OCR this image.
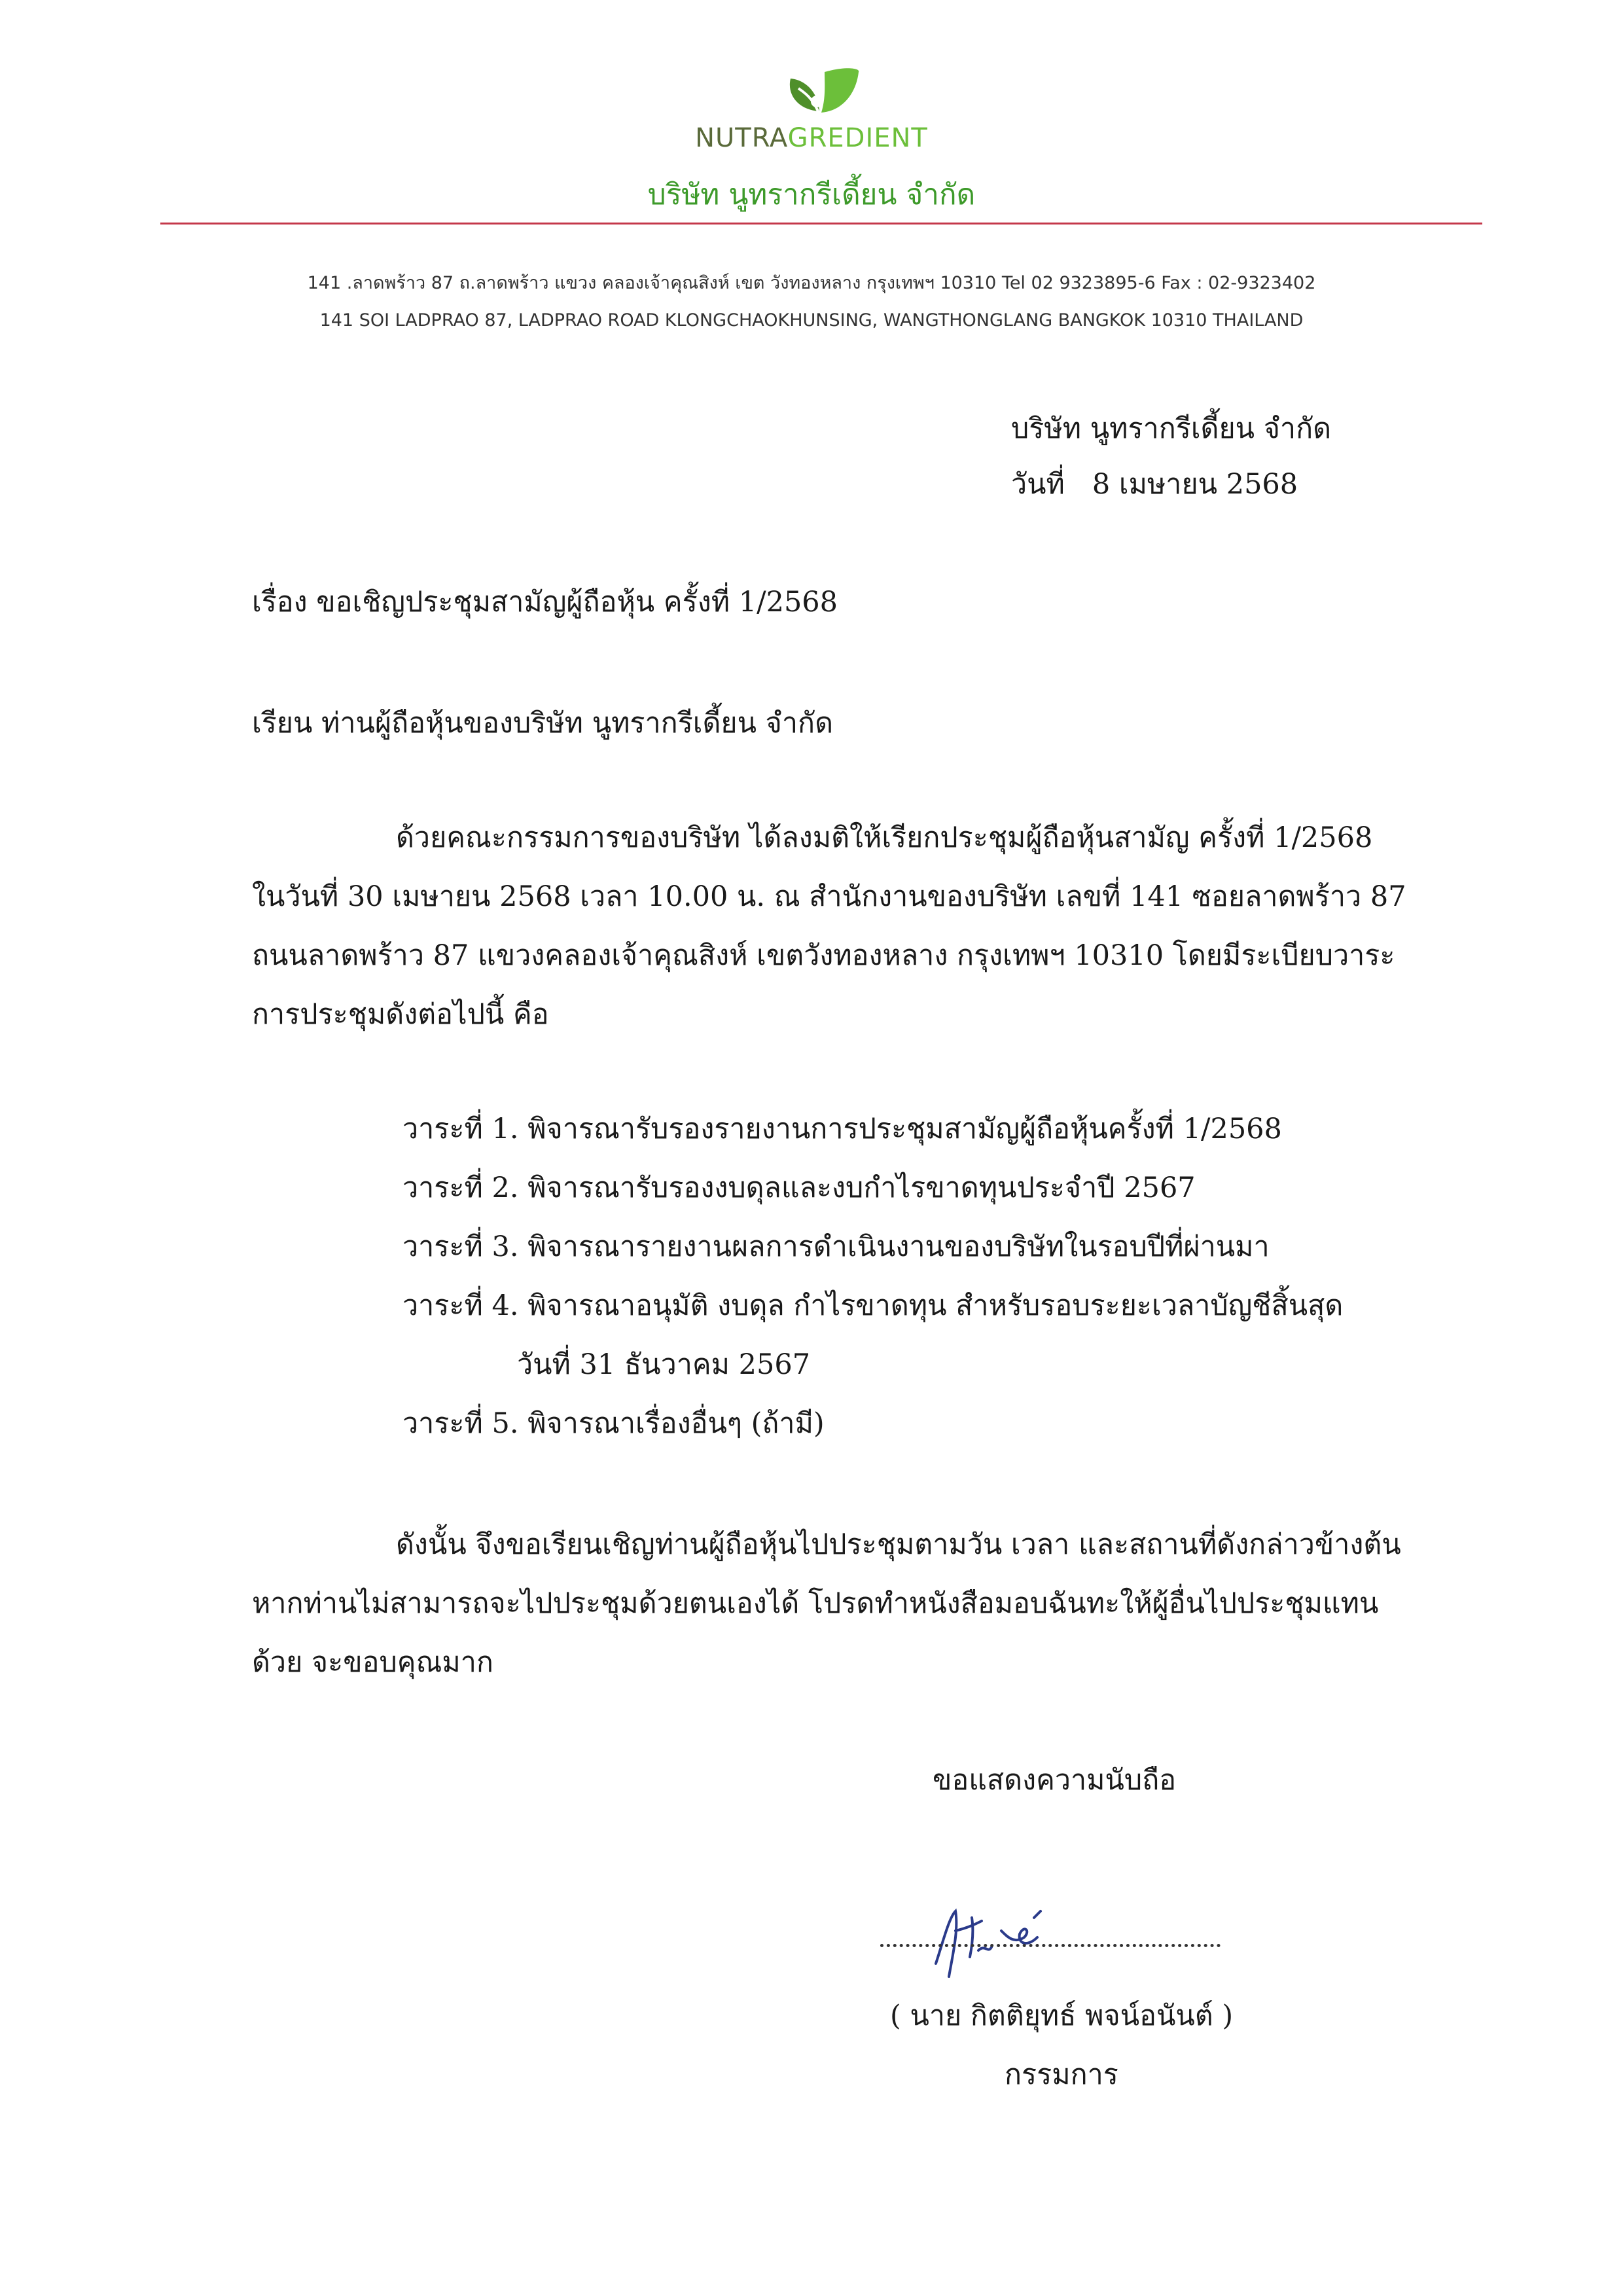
NUTRAGREDIENT
บริษัท นูทรากรีเดี้ยน จำกัด
141 .ลาดพร้าว 87 ถ.ลาดพร้าว แขวง คลองเจ้าคุณสิงห์ เขต วังทองหลาง กรุงเทพฯ 10310 Tel 02 9323895-6 Fax : 02-9323402
141 SOI LADPRAO 87, LADPRAO ROAD KLONGCHAOKHUNSING, WANGTHONGLANG BANGKOK 10310 THAILAND
บริษัท นูทรากรีเดี้ยน จำกัด
วันที่ 8 เมษายน 2568
เรื่อง ขอเชิญประชุมสามัญผู้ถือหุ้น ครั้งที่ 1/2568
เรียน ท่านผู้ถือหุ้นของบริษัท นูทรากรีเดี้ยน จำกัด
ด้วยคณะกรรมการของบริษัท ได้ลงมติให้เรียกประชุมผู้ถือหุ้นสามัญ ครั้งที่ 1/2568
ในวันที่ 30 เมษายน 2568 เวลา 10.00 น. ณ สำนักงานของบริษัท เลขที่ 141 ซอยลาดพร้าว 87
ถนนลาดพร้าว 87 แขวงคลองเจ้าคุณสิงห์ เขตวังทองหลาง กรุงเทพฯ 10310 โดยมีระเบียบวาระ
การประชุมดังต่อไปนี้ คือ
วาระที่ 1. พิจารณารับรองรายงานการประชุมสามัญผู้ถือหุ้นครั้งที่ 1/2568
วาระที่ 2. พิจารณารับรองงบดุลและงบกำไรขาดทุนประจำปี 2567
วาระที่ 3. พิจารณารายงานผลการดำเนินงานของบริษัทในรอบปีที่ผ่านมา
วาระที่ 4. พิจารณาอนุมัติ งบดุล กำไรขาดทุน สำหรับรอบระยะเวลาบัญชีสิ้นสุด
วันที่ 31 ธันวาคม 2567
วาระที่ 5. พิจารณาเรื่องอื่นๆ (ถ้ามี)
ดังนั้น จึงขอเรียนเชิญท่านผู้ถือหุ้นไปประชุมตามวัน เวลา และสถานที่ดังกล่าวข้างต้น
หากท่านไม่สามารถจะไปประชุมด้วยตนเองได้ โปรดทำหนังสือมอบฉันทะให้ผู้อื่นไปประชุมแทน
ด้วย จะขอบคุณมาก
ขอแสดงความนับถือ
( นาย กิตติยุทธ์ พจน์อนันต์ )
กรรมการ
